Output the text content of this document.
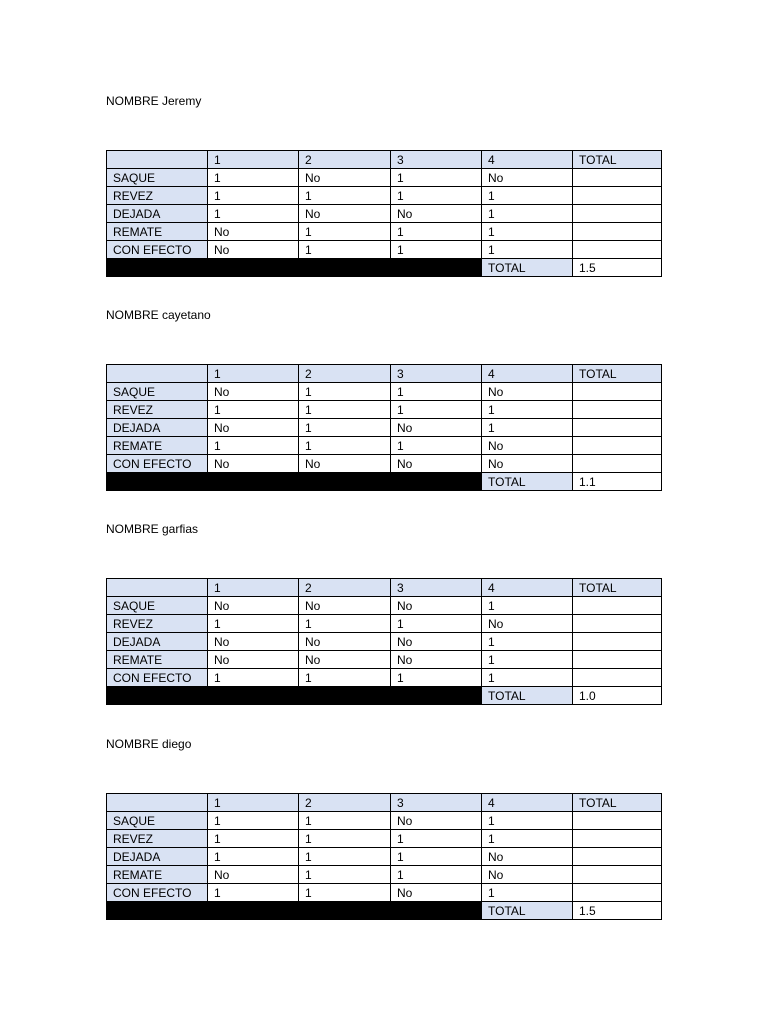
NOMBRE Jeremy
	1	2	3	4	TOTAL
SAQUE	1	No	1	No	
REVEZ	1	1	1	1	
DEJADA	1	No	No	1	
REMATE	No	1	1	1	
CON EFECTO	No	1	1	1	
				TOTAL	1.5
NOMBRE cayetano
	1	2	3	4	TOTAL
SAQUE	No	1	1	No	
REVEZ	1	1	1	1	
DEJADA	No	1	No	1	
REMATE	1	1	1	No	
CON EFECTO	No	No	No	No	
				TOTAL	1.1
NOMBRE garfias
	1	2	3	4	TOTAL
SAQUE	No	No	No	1	
REVEZ	1	1	1	No	
DEJADA	No	No	No	1	
REMATE	No	No	No	1	
CON EFECTO	1	1	1	1	
				TOTAL	1.0
NOMBRE diego
	1	2	3	4	TOTAL
SAQUE	1	1	No	1	
REVEZ	1	1	1	1	
DEJADA	1	1	1	No	
REMATE	No	1	1	No	
CON EFECTO	1	1	No	1	
				TOTAL	1.5
